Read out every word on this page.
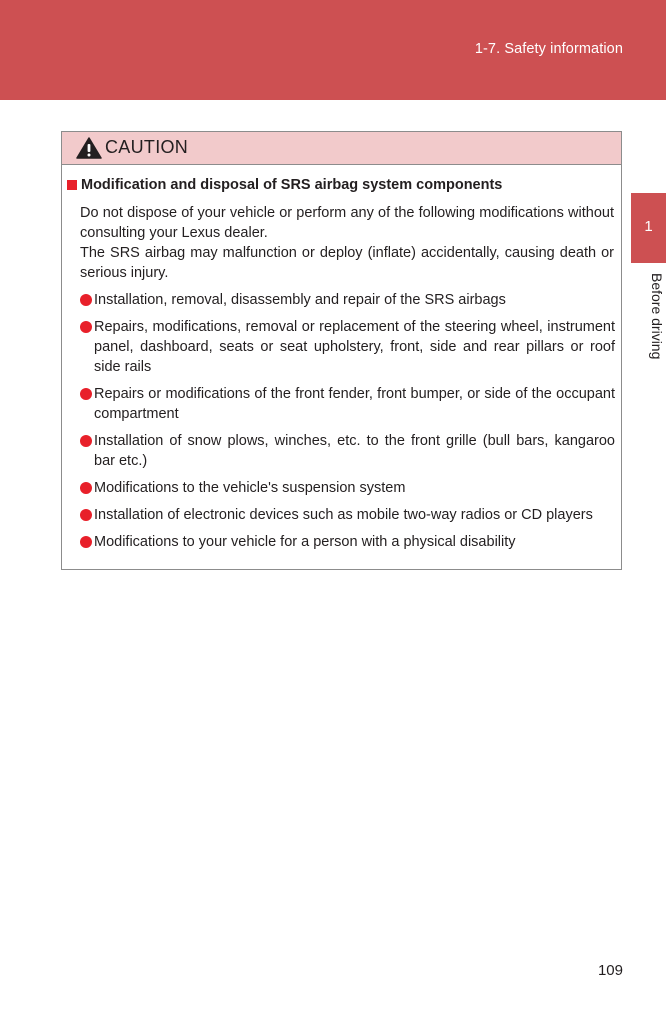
1-7. Safety information
1
Before driving
CAUTION
Modification and disposal of SRS airbag system components

Do not dispose of your vehicle or perform any of the following modifications without consulting your Lexus dealer.

The SRS airbag may malfunction or deploy (inflate) accidentally, causing death or serious injury.

Installation, removal, disassembly and repair of the SRS airbags
Repairs, modifications, removal or replacement of the steering wheel, instrument panel, dashboard, seats or seat upholstery, front, side and rear pillars or roof side rails
Repairs or modifications of the front fender, front bumper, or side of the occupant compartment
Installation of snow plows, winches, etc. to the front grille (bull bars, kangaroo bar etc.)
Modifications to the vehicle's suspension system
Installation of electronic devices such as mobile two-way radios or CD players
Modifications to your vehicle for a person with a physical disability
109
